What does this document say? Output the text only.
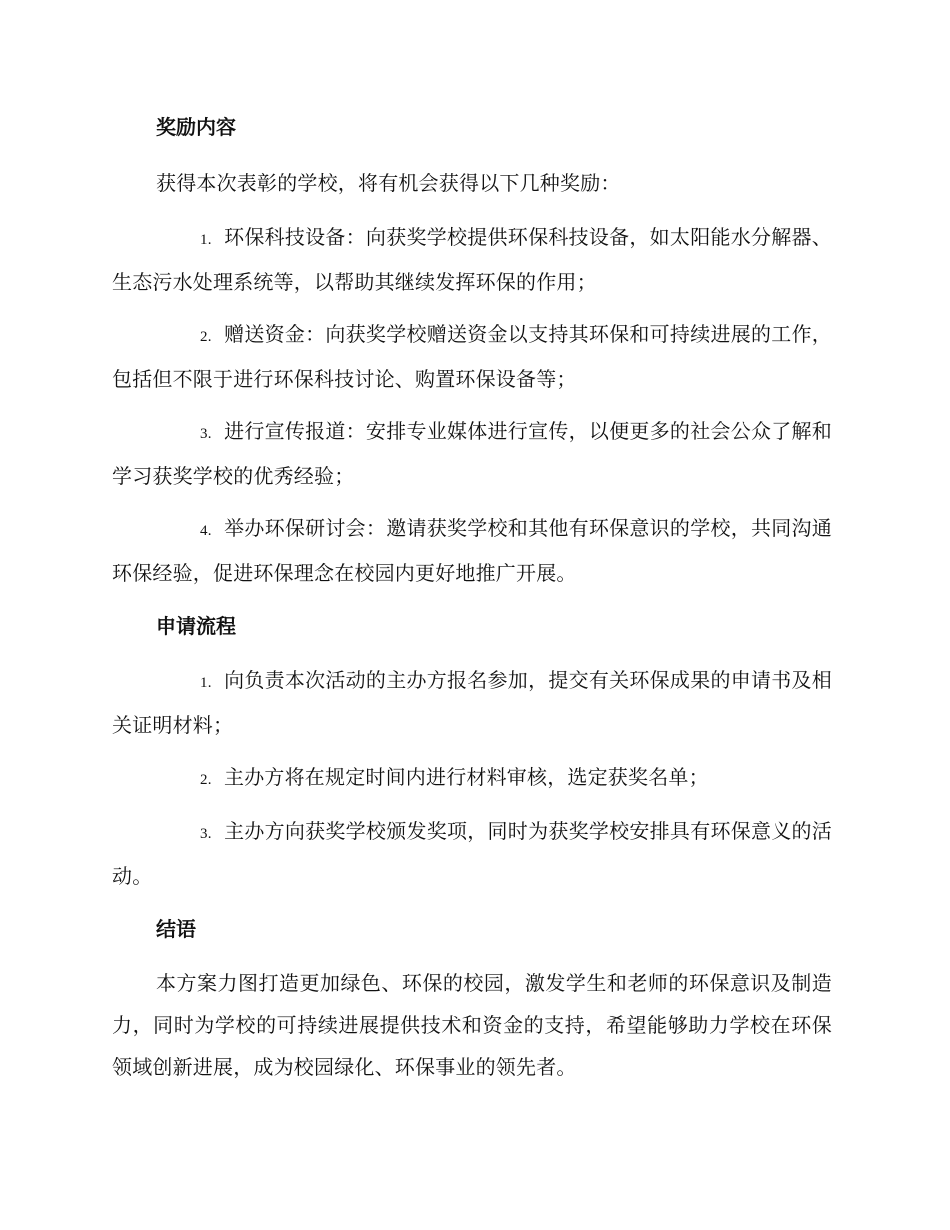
奖励内容
获得本次表彰的学校，将有机会获得以下几种奖励：
1. 环保科技设备：向获奖学校提供环保科技设备，如太阳能水分解器、生态污水处理系统等，以帮助其继续发挥环保的作用；
2. 赠送资金：向获奖学校赠送资金以支持其环保和可持续进展的工作，包括但不限于进行环保科技讨论、购置环保设备等；
3. 进行宣传报道：安排专业媒体进行宣传，以便更多的社会公众了解和学习获奖学校的优秀经验；
4. 举办环保研讨会：邀请获奖学校和其他有环保意识的学校，共同沟通环保经验，促进环保理念在校园内更好地推广开展。
申请流程
1. 向负责本次活动的主办方报名参加，提交有关环保成果的申请书及相关证明材料；
2. 主办方将在规定时间内进行材料审核，选定获奖名单；
3. 主办方向获奖学校颁发奖项，同时为获奖学校安排具有环保意义的活动。
结语
本方案力图打造更加绿色、环保的校园，激发学生和老师的环保意识及制造力，同时为学校的可持续进展提供技术和资金的支持，希望能够助力学校在环保领域创新进展，成为校园绿化、环保事业的领先者。
